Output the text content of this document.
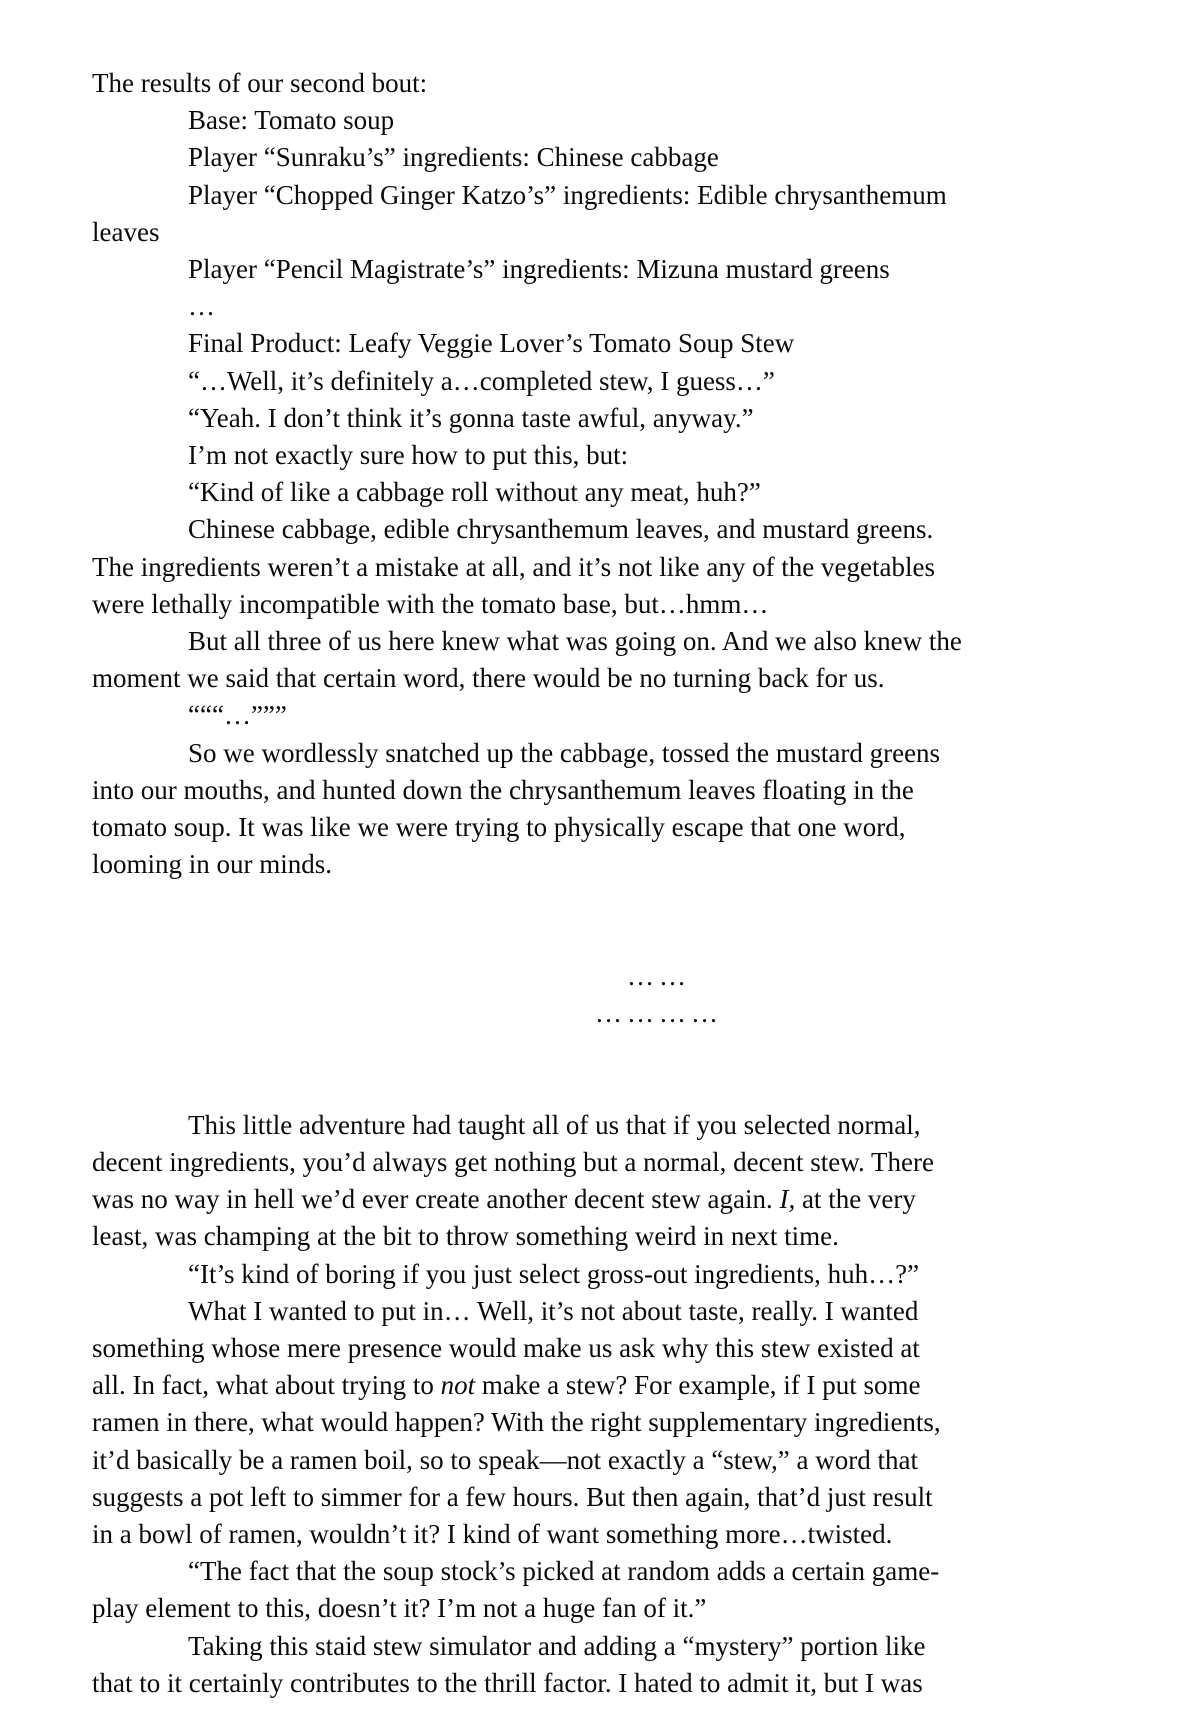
The results of our second bout:
Base: Tomato soup
Player “Sunraku’s” ingredients: Chinese cabbage
Player “Chopped Ginger Katzo’s” ingredients: Edible chrysanthemum
leaves
Player “Pencil Magistrate’s” ingredients: Mizuna mustard greens
…
Final Product: Leafy Veggie Lover’s Tomato Soup Stew
“…Well, it’s definitely a…completed stew, I guess…”
“Yeah. I don’t think it’s gonna taste awful, anyway.”
I’m not exactly sure how to put this, but:
“Kind of like a cabbage roll without any meat, huh?”
Chinese cabbage, edible chrysanthemum leaves, and mustard greens.
The ingredients weren’t a mistake at all, and it’s not like any of the vegetables
were lethally incompatible with the tomato base, but…hmm…
But all three of us here knew what was going on. And we also knew the
moment we said that certain word, there would be no turning back for us.
“““…”””
So we wordlessly snatched up the cabbage, tossed the mustard greens
into our mouths, and hunted down the chrysanthemum leaves floating in the
tomato soup. It was like we were trying to physically escape that one word,
looming in our minds.

……
…………

This little adventure had taught all of us that if you selected normal,
decent ingredients, you’d always get nothing but a normal, decent stew. There
was no way in hell we’d ever create another decent stew again. I, at the very
least, was champing at the bit to throw something weird in next time.
“It’s kind of boring if you just select gross-out ingredients, huh…?”
What I wanted to put in… Well, it’s not about taste, really. I wanted
something whose mere presence would make us ask why this stew existed at
all. In fact, what about trying to not make a stew? For example, if I put some
ramen in there, what would happen? With the right supplementary ingredients,
it’d basically be a ramen boil, so to speak—not exactly a “stew,” a word that
suggests a pot left to simmer for a few hours. But then again, that’d just result
in a bowl of ramen, wouldn’t it? I kind of want something more…twisted.
“The fact that the soup stock’s picked at random adds a certain game-
play element to this, doesn’t it? I’m not a huge fan of it.”
Taking this staid stew simulator and adding a “mystery” portion like
that to it certainly contributes to the thrill factor. I hated to admit it, but I was
